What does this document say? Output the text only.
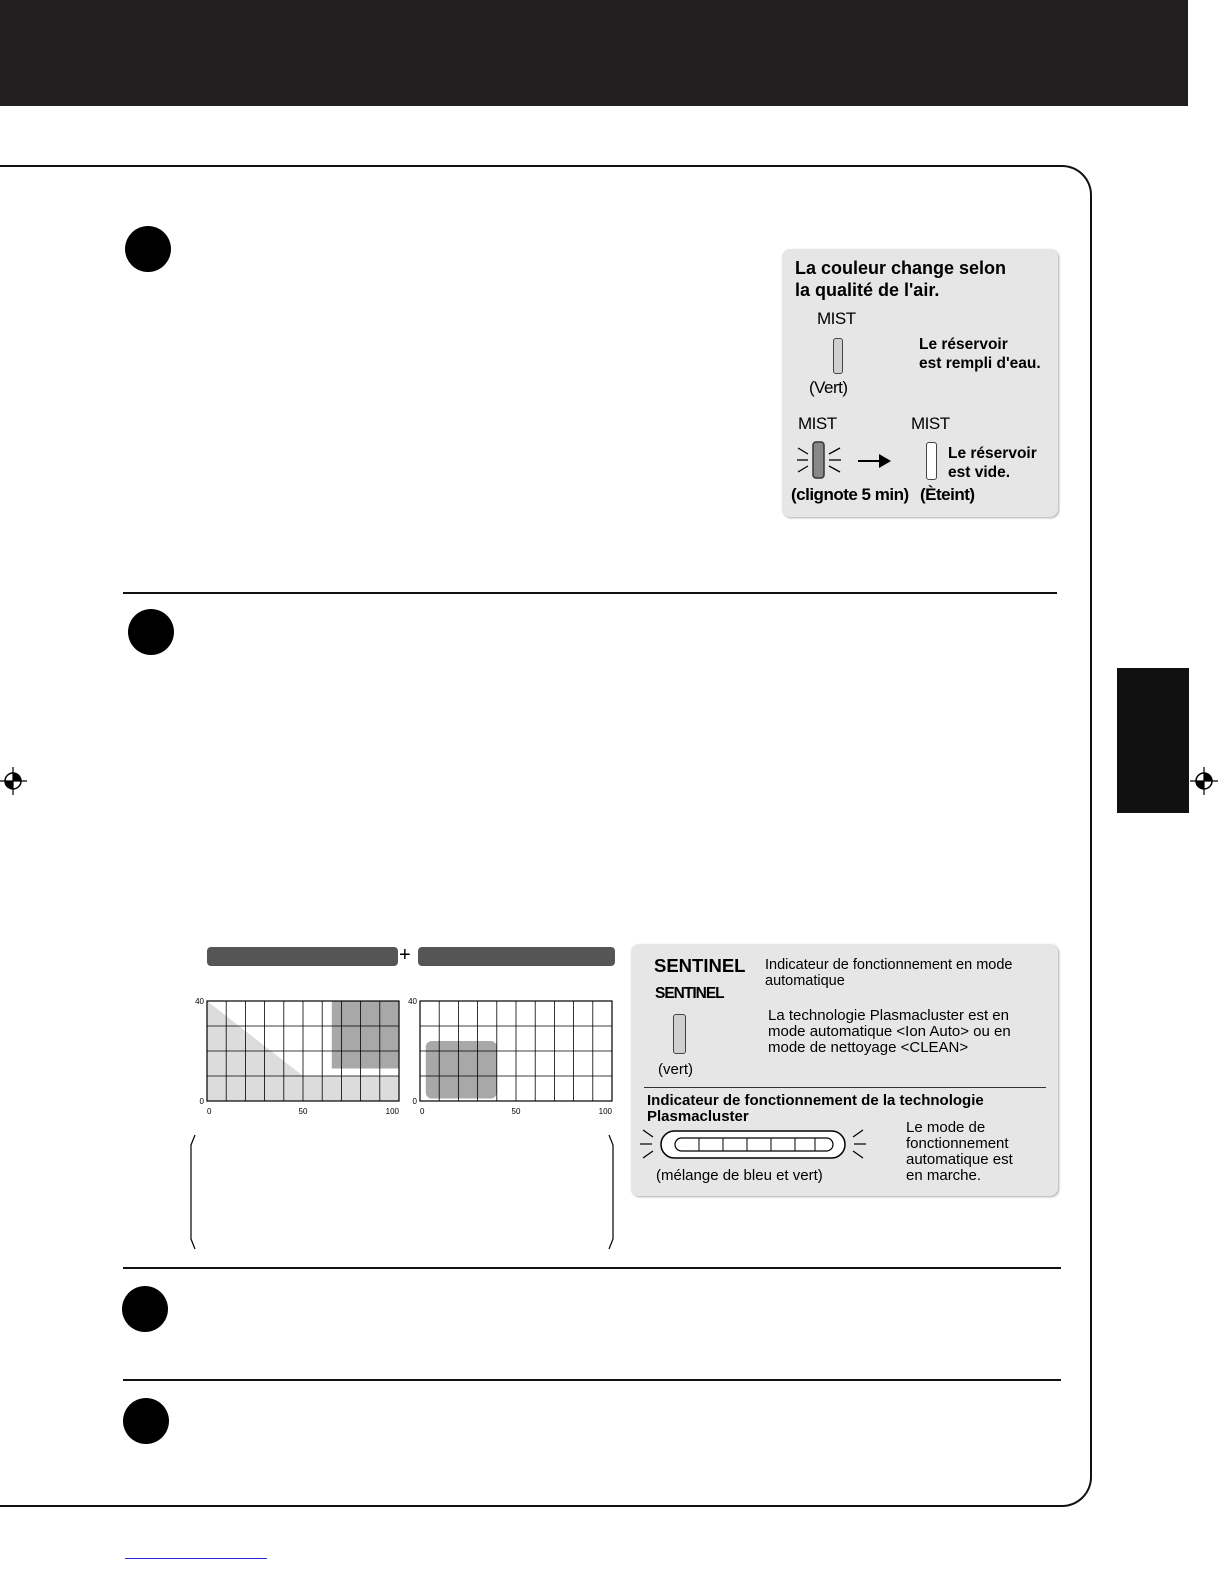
La couleur change selon
la qualité de l'air.
MIST
(Vert)
Le réservoir
est rempli d'eau.
MIST	MIST
Le réservoir
est vide.
(clignote 5 min) (Èteint)
+
0	50	100
0
40
0	50	100
0
40
SENTINEL Indicateur de fonctionnement en mode
automatique
SENTINEL
(vert)
La technologie Plasmacluster est en
mode automatique <Ion Auto> ou en
mode de nettoyage <CLEAN>
Indicateur de fonctionnement de la technologie
Plasmacluster
(mélange de bleu et vert)
Le mode de
fonctionnement
automatique est
en marche.
